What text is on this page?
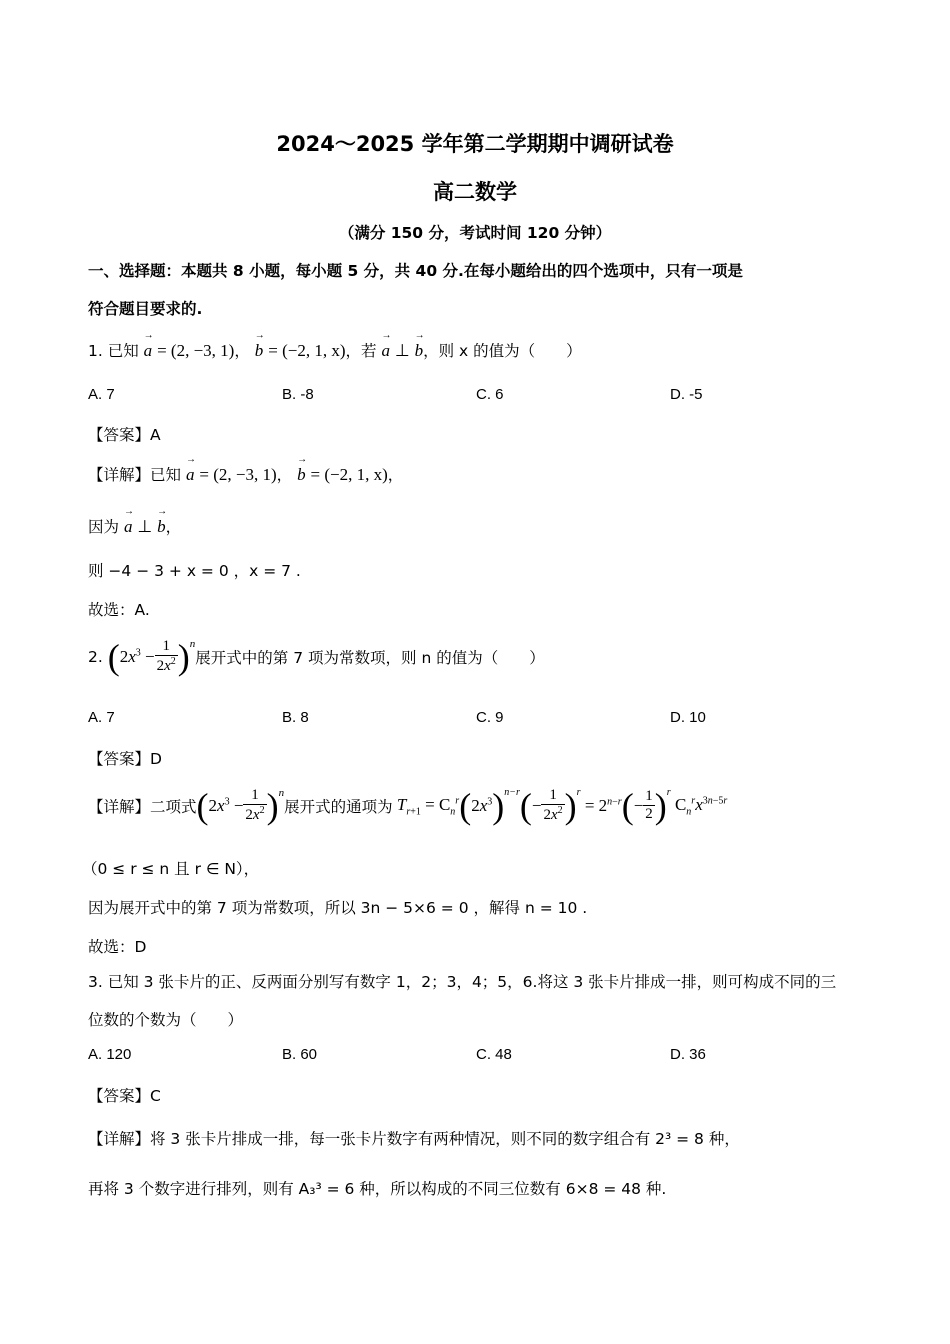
2024～2025 学年第二学期期中调研试卷
高二数学
（满分 150 分，考试时间 120 分钟）
一、选择题：本题共 8 小题，每小题 5 分，共 40 分.在每小题给出的四个选项中，只有一项是
符合题目要求的.
1. 已知 → a = (2, −3, 1)， → b = (−2, 1, x)，若 → a ⊥ → b，则 x 的值为（　　）
A. 7	B. -8	C. 6	D. -5
【答案】A
【详解】已知 → a = (2, −3, 1)， → b = (−2, 1, x)，
因为 → a ⊥ → b，
则 −4 − 3 + x = 0 ，x = 7 .
故选：A.
2.
( $2x^3 - \frac{1}{2x^2} )^n$
展开式中的第 7 项为常数项，则 n 的值为（　　）
A. 7	B. 8	C. 9	D. 10
【答案】D
【详解】二项式 ( $2x^3 - \frac{1}{2x^2} )^n$
展开式的通项为 $T_{r+1} = C_n^r$ ( $2x^3$ )$^{n-r}$ ( − $\frac{1}{2x^2} )^r$
= $2^{n-r}$ ( − $\frac{1}{2} )^r$
$C_n^rx^{3n-5r}$
（0 ≤ r ≤ n 且 r ∈ N），
因为展开式中的第 7 项为常数项，所以 3n − 5×6 = 0 ，解得 n = 10 .
故选：D
3. 已知 3 张卡片的正、反两面分别写有数字 1，2；3，4；5，6.将这 3 张卡片排成一排，则可构成不同的三
位数的个数为（　　）
A. 120	B. 60	C. 48	D. 36
【答案】C
【详解】将 3 张卡片排成一排，每一张卡片数字有两种情况，则不同的数字组合有 2³ = 8 种，
再将 3 个数字进行排列，则有 A₃³ = 6 种，所以构成的不同三位数有 6×8 = 48 种.
